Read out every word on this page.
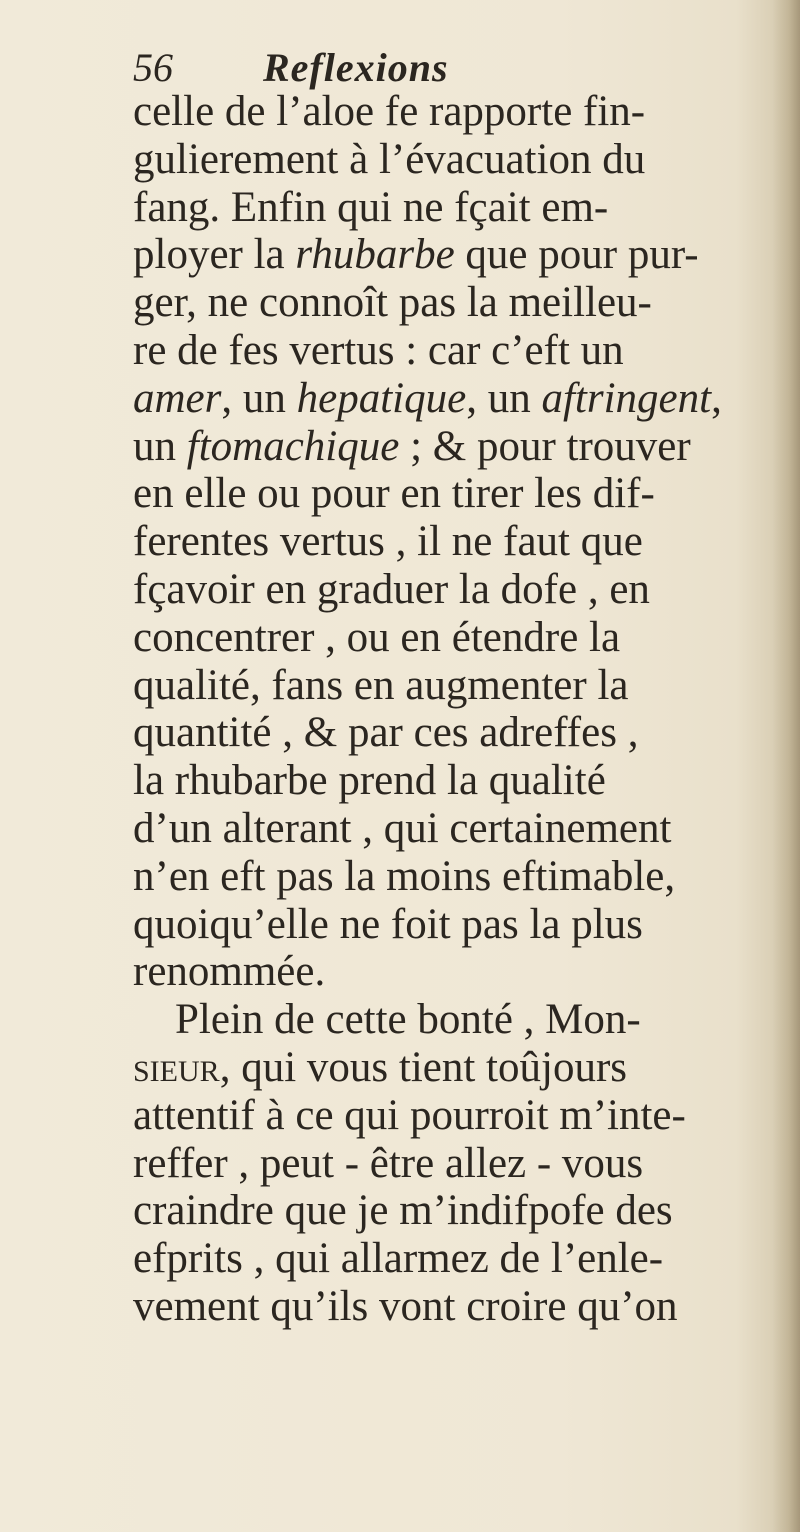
56 Reflexions
celle de l’aloe fe rapporte fin-
gulierement à l’évacuation du
fang. Enfin qui ne fçait em-
ployer la rhubarbe que pour pur-
ger, ne connoît pas la meilleu-
re de fes vertus : car c’eft un
amer, un hepatique, un aftringent,
un ftomachique ; & pour trouver
en elle ou pour en tirer les dif-
ferentes vertus , il ne faut que
fçavoir en graduer la dofe , en
concentrer , ou en étendre la
qualité, fans en augmenter la
quantité , & par ces adreffes ,
la rhubarbe prend la qualité
d’un alterant , qui certainement
n’en eft pas la moins eftimable,
quoiqu’elle ne foit pas la plus
renommée.
Plein de cette bonté , Mon-
sieur, qui vous tient toûjours
attentif à ce qui pourroit m’inte-
reffer , peut - être allez - vous
craindre que je m’indifpofe des
efprits , qui allarmez de l’enle-
vement qu’ils vont croire qu’on
